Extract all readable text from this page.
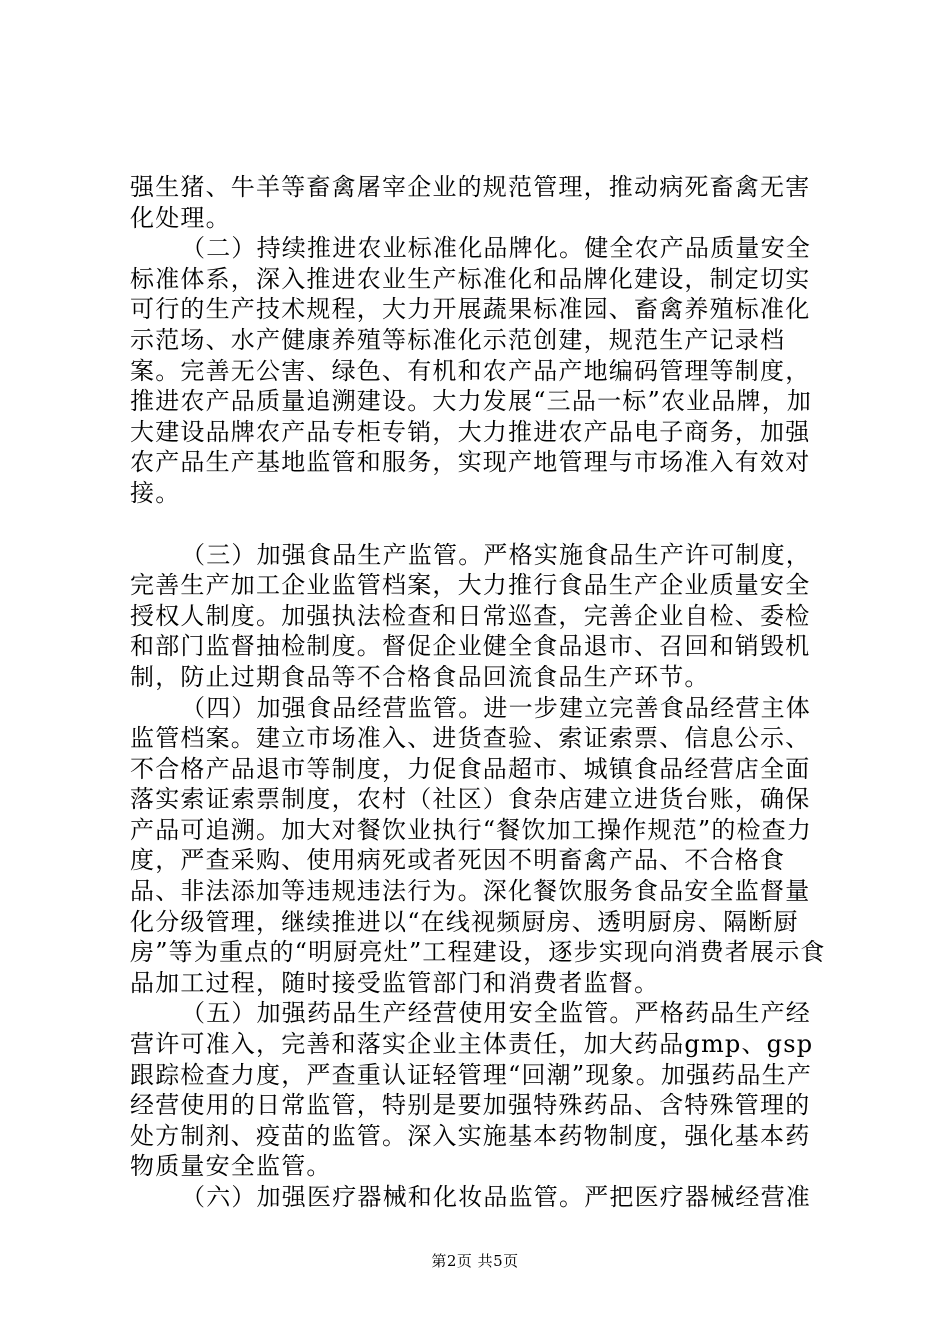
强生猪、牛羊等畜禽屠宰企业的规范管理，推动病死畜禽无害化处理。

（二）持续推进农业标准化品牌化。健全农产品质量安全标准体系，深入推进农业生产标准化和品牌化建设，制定切实可行的生产技术规程，大力开展蔬果标准园、畜禽养殖标准化示范场、水产健康养殖等标准化示范创建，规范生产记录档案。完善无公害、绿色、有机和农产品产地编码管理等制度，推进农产品质量追溯建设。大力发展“三品一标”农业品牌，加大建设品牌农产品专柜专销，大力推进农产品电子商务，加强农产品生产基地监管和服务，实现产地管理与市场准入有效对接。

（三）加强食品生产监管。严格实施食品生产许可制度，完善生产加工企业监管档案，大力推行食品生产企业质量安全授权人制度。加强执法检查和日常巡查，完善企业自检、委检和部门监督抽检制度。督促企业健全食品退市、召回和销毁机制，防止过期食品等不合格食品回流食品生产环节。

（四）加强食品经营监管。进一步建立完善食品经营主体监管档案。建立市场准入、进货查验、索证索票、信息公示、不合格产品退市等制度，力促食品超市、城镇食品经营店全面落实索证索票制度，农村（社区）食杂店建立进货台账，确保产品可追溯。加大对餐饮业执行“餐饮加工操作规范”的检查力度，严查采购、使用病死或者死因不明畜禽产品、不合格食品、非法添加等违规违法行为。深化餐饮服务食品安全监督量化分级管理，继续推进以“在线视频厨房、透明厨房、隔断厨房”等为重点的“明厨亮灶”工程建设，逐步实现向消费者展示食品加工过程，随时接受监管部门和消费者监督。

（五）加强药品生产经营使用安全监管。严格药品生产经营许可准入，完善和落实企业主体责任，加大药品gmp、gsp跟踪检查力度，严查重认证轻管理“回潮”现象。加强药品生产经营使用的日常监管，特别是要加强特殊药品、含特殊管理的处方制剂、疫苗的监管。深入实施基本药物制度，强化基本药物质量安全监管。

（六）加强医疗器械和化妆品监管。严把医疗器械经营准

第2页 共5页
